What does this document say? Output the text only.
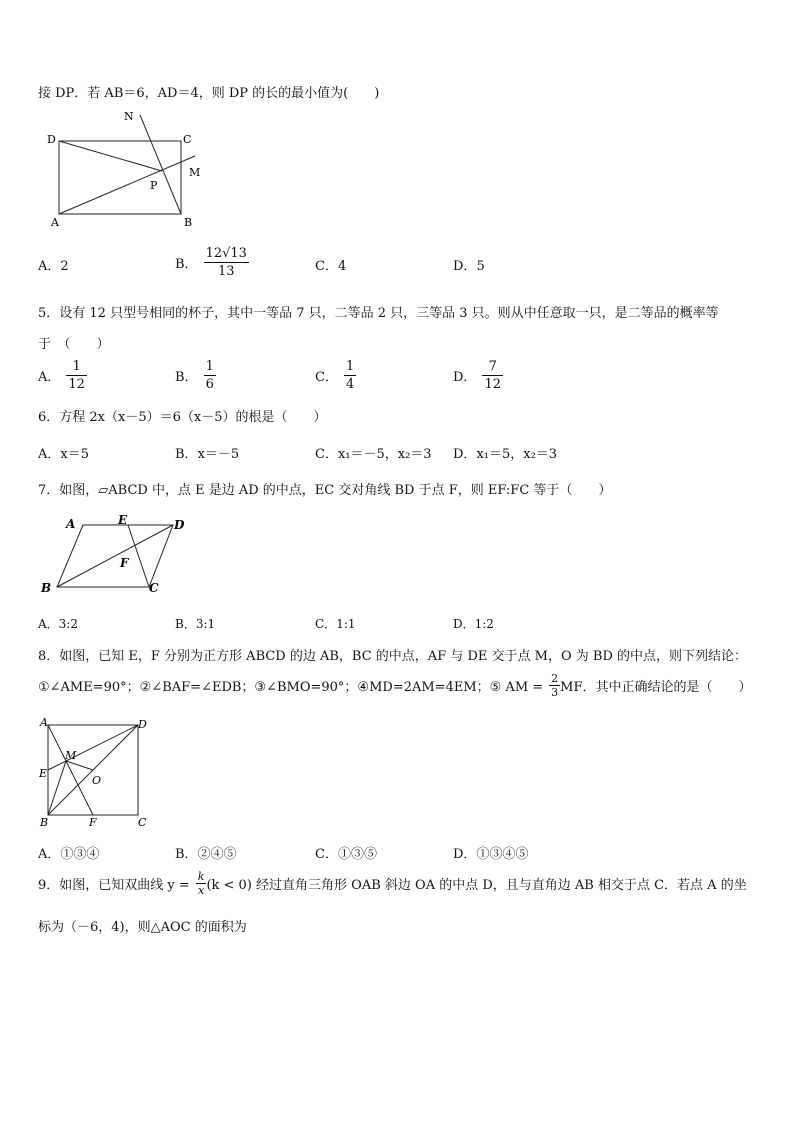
接 DP．若 AB＝6，AD＝4，则 DP 的长的最小值为(　　)
N
D	C
M
P
A	B
A．2	B． $\frac{12√13}{13}$	C．4	D．5
5．设有 12 只型号相同的杯子，其中一等品 7 只，二等品 2 只，三等品 3 只。则从中任意取一只，是二等品的概率等
于　（　　）
A． $\frac{1}{12}$	B． $\frac{1}{6}$	C． $\frac{1}{4}$	D． $\frac{7}{12}$
6．方程 2x（x－5）＝6（x－5）的根是（　　）
A．x＝5	B．x＝－5	C．x₁＝－5，x₂＝3 D．x₁＝5，x₂＝3
7．如图，▱ABCD 中，点 E 是边 AD 的中点，EC 交对角线 BD 于点 F，则 EF:FC 等于（　　）
A	E	D
F
B	C
A．3:2	B．3:1	C．1:1	D．1:2
8．如图，已知 E，F 分别为正方形 ABCD 的边 AB，BC 的中点，AF 与 DE 交于点 M，O 为 BD 的中点，则下列结论：
①∠AME=90°；②∠BAF=∠EDB；③∠BMO=90°；④MD=2AM=4EM；⑤ AM = $\frac{2}{3}$ MF．其中正确结论的是（　　）
A	D
M
E
O
B	F	C
A．①③④	B．②④⑤	C．①③⑤	D．①③④⑤
9．如图，已知双曲线 $y = \frac{k}{x} (k < 0)$ 经过直角三角形 OAB 斜边 OA 的中点 D，且与直角边 AB 相交于点 C．若点 A 的坐
标为（－6，4)，则△AOC 的面积为
